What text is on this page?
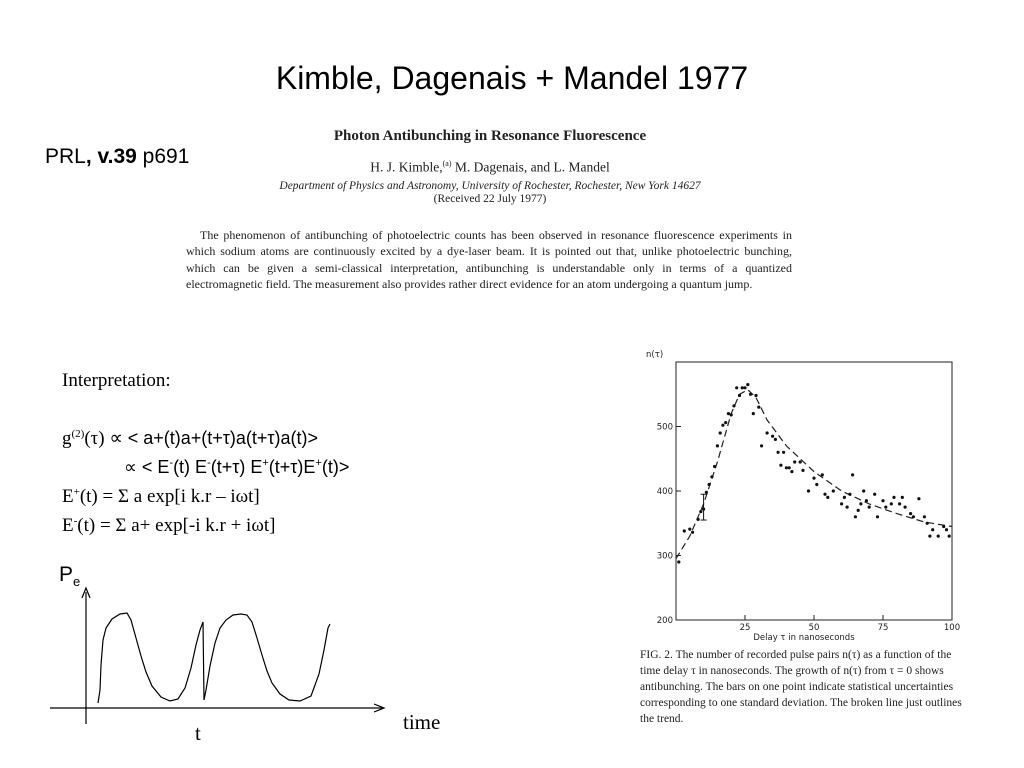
Kimble, Dagenais + Mandel 1977
PRL, v.39 p691
Photon Antibunching in Resonance Fluorescence
H. J. Kimble,$^{(a)}$ M. Dagenais, and L. Mandel
Department of Physics and Astronomy, University of Rochester, Rochester, New York 14627
(Received 22 July 1977)
The phenomenon of antibunching of photoelectric counts has been observed in resonance fluorescence experiments in which sodium atoms are continuously excited by a dye-laser beam. It is pointed out that, unlike photoelectric bunching, which can be given a semi-classical interpretation, antibunching is understandable only in terms of a quantized electromagnetic field. The measurement also provides rather direct evidence for an atom undergoing a quantum jump.
Interpretation:
$g^{(2)}(\tau)$ ∝ < a+(t)a+(t+τ)a(t+τ)a(t)>
∝ < E-(t) E-(t+τ) E+(t+τ)E+(t)>
E+(t) = Σ a exp[i k.r – iωt]
E-(t) = Σ a+ exp[-i k.r + iωt]
$P_e$
time
t
25	50	75	100
300
400
500
200
n(τ)
Delay τ in nanoseconds
FIG. 2. The number of recorded pulse pairs n(τ) as a function of the time delay τ in nanoseconds. The growth of n(τ) from τ = 0 shows antibunching. The bars on one point indicate statistical uncertainties corresponding to one standard deviation. The broken line just outlines the trend.
